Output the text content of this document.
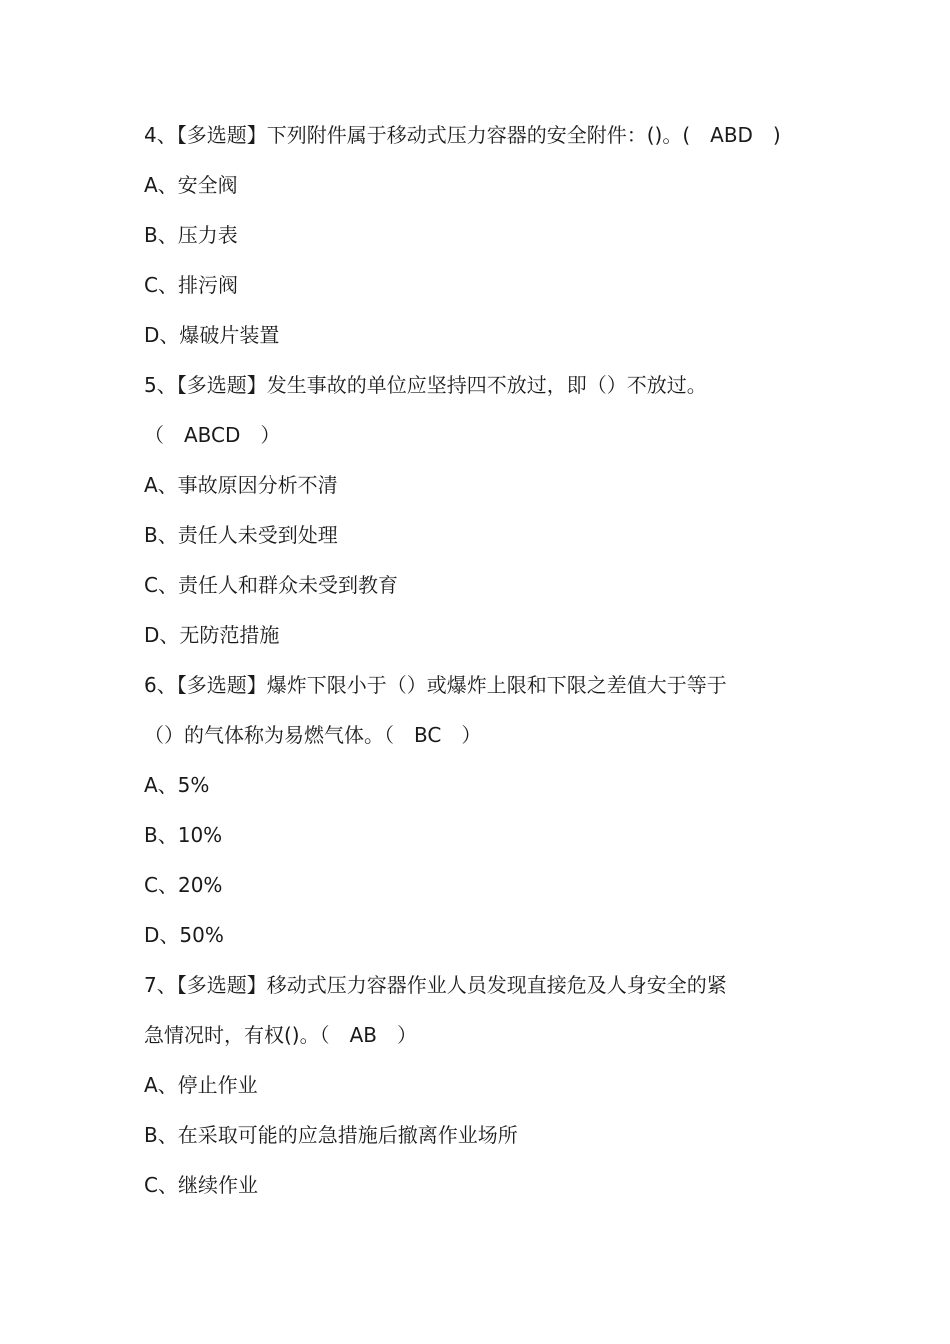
4、【多选题】下列附件属于移动式压力容器的安全附件：()。(　ABD　)
A、安全阀
B、压力表
C、排污阀
D、爆破片装置
5、【多选题】发生事故的单位应坚持四不放过，即（）不放过。
（　ABCD　）
A、事故原因分析不清
B、责任人未受到处理
C、责任人和群众未受到教育
D、无防范措施
6、【多选题】爆炸下限小于（）或爆炸上限和下限之差值大于等于
（）的气体称为易燃气体。（　BC　）
A、5%
B、10%
C、20%
D、50%
7、【多选题】移动式压力容器作业人员发现直接危及人身安全的紧
急情况时，有权()。（　AB　）
A、停止作业
B、在采取可能的应急措施后撤离作业场所
C、继续作业
